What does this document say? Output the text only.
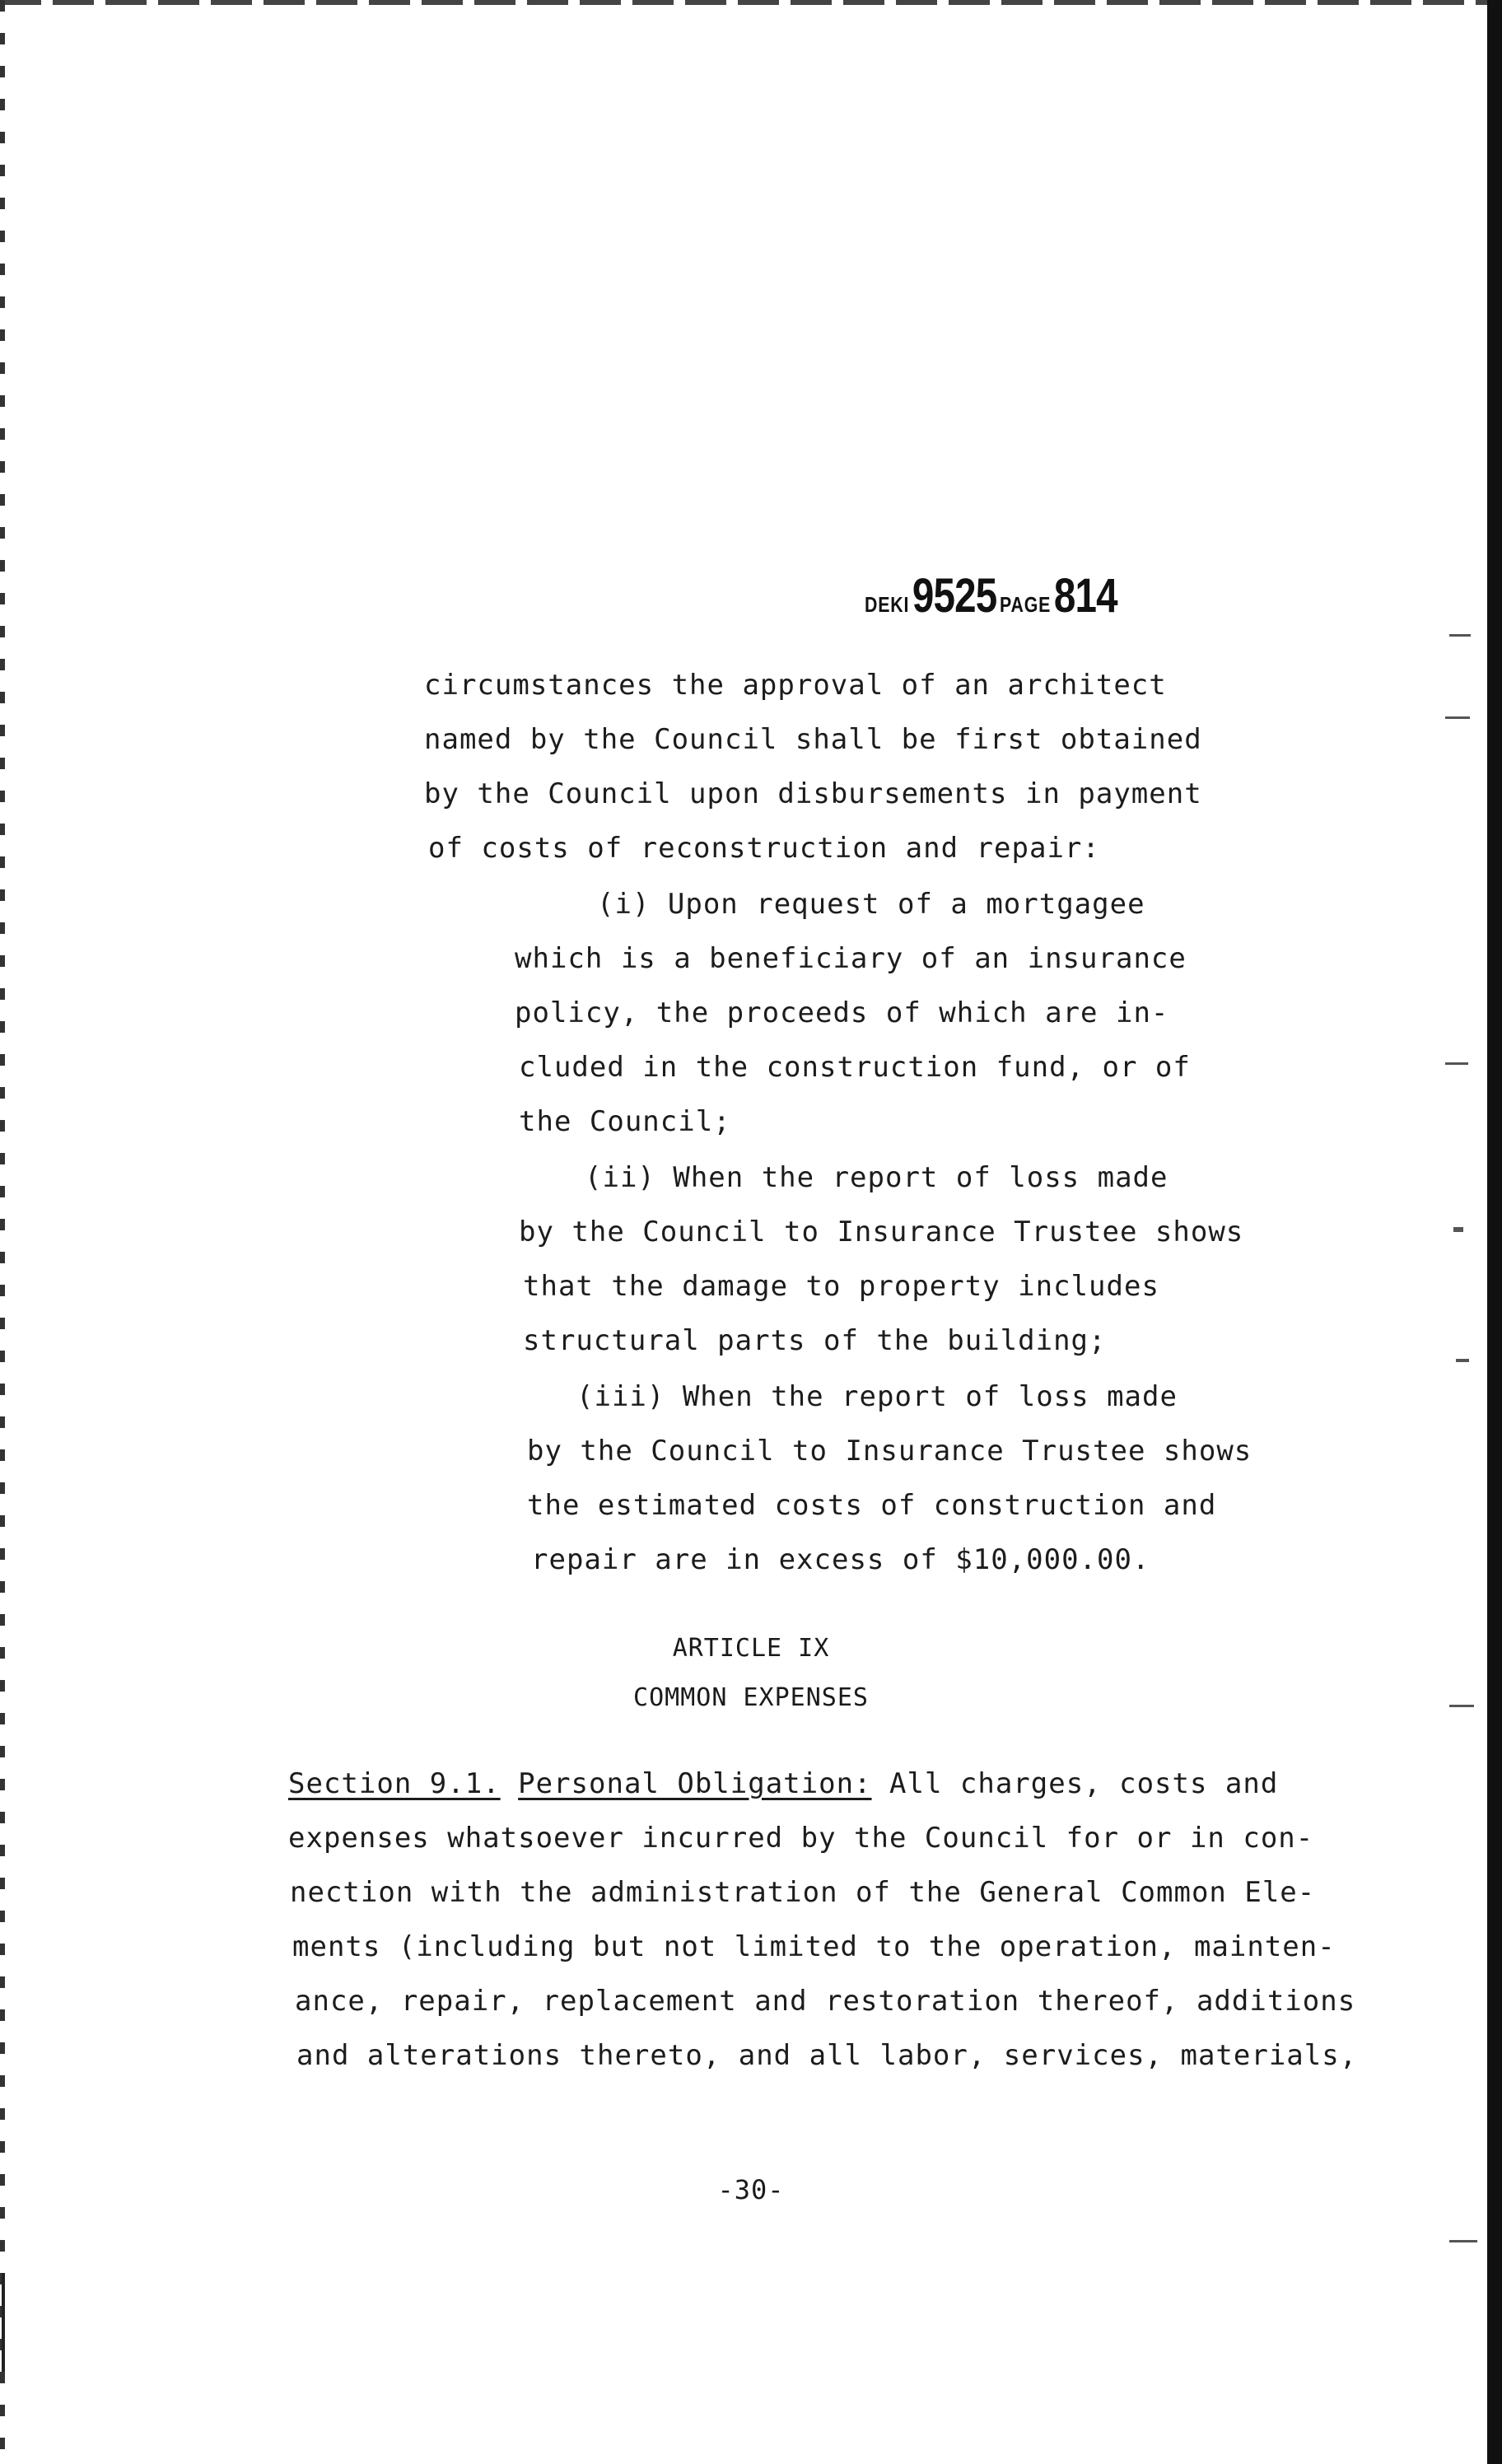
DEKI 9525 PAGE 814
circumstances the approval of an architect
named by the Council shall be first obtained
by the Council upon disbursements in payment
of costs of reconstruction and repair:
(i) Upon request of a mortgagee
which is a beneficiary of an insurance
policy, the proceeds of which are in-
cluded in the construction fund, or of
the Council;
(ii) When the report of loss made
by the Council to Insurance Trustee shows
that the damage to property includes
structural parts of the building;
(iii) When the report of loss made
by the Council to Insurance Trustee shows
the estimated costs of construction and
repair are in excess of $10,000.00.
ARTICLE IX
COMMON EXPENSES
Section 9.1. Personal Obligation: All charges, costs and
expenses whatsoever incurred by the Council for or in con-
nection with the administration of the General Common Ele-
ments (including but not limited to the operation, mainten-
ance, repair, replacement and restoration thereof, additions
and alterations thereto, and all labor, services, materials,
-30-
